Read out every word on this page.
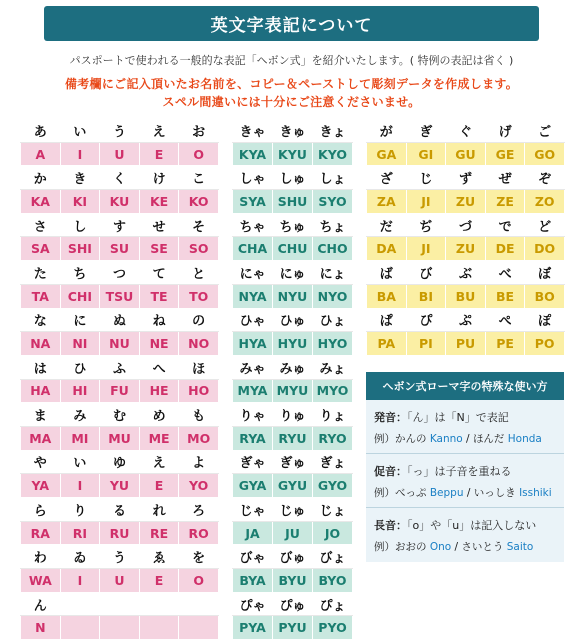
英文字表記について
パスポートで使われる一般的な表記「ヘボン式」を紹介いたします。( 特例の表記は省く )
備考欄にご記入頂いたお名前を、コピー＆ペーストして彫刻データを作成します。
スペル間違いには十分にご注意くださいませ。
あ	い	う	え	お
A	I	U	E	O
か	き	く	け	こ
KA	KI	KU	KE	KO
さ	し	す	せ	そ
SA	SHI	SU	SE	SO
た	ち	つ	て	と
TA	CHI	TSU	TE	TO
な	に	ぬ	ね	の
NA	NI	NU	NE	NO
は	ひ	ふ	へ	ほ
HA	HI	FU	HE	HO
ま	み	む	め	も
MA	MI	MU	ME	MO
や	い	ゆ	え	よ
YA	I	YU	E	YO
ら	り	る	れ	ろ
RA	RI	RU	RE	RO
わ	ゐ	う	ゑ	を
WA	I	U	E	O
ん				
N				
きゃ	きゅ	きょ
KYA	KYU	KYO
しゃ	しゅ	しょ
SYA	SHU	SYO
ちゃ	ちゅ	ちょ
CHA	CHU	CHO
にゃ	にゅ	にょ
NYA	NYU	NYO
ひゃ	ひゅ	ひょ
HYA	HYU	HYO
みゃ	みゅ	みょ
MYA	MYU	MYO
りゃ	りゅ	りょ
RYA	RYU	RYO
ぎゃ	ぎゅ	ぎょ
GYA	GYU	GYO
じゃ	じゅ	じょ
JA	JU	JO
びゃ	びゅ	びょ
BYA	BYU	BYO
ぴゃ	ぴゅ	ぴょ
PYA	PYU	PYO
が	ぎ	ぐ	げ	ご
GA	GI	GU	GE	GO
ざ	じ	ず	ぜ	ぞ
ZA	JI	ZU	ZE	ZO
だ	ぢ	づ	で	ど
DA	JI	ZU	DE	DO
ば	び	ぶ	べ	ぼ
BA	BI	BU	BE	BO
ぱ	ぴ	ぷ	ぺ	ぽ
PA	PI	PU	PE	PO
ヘボン式ローマ字の特殊な使い方
発音：「ん」は「N」で表記
例）かんの Kanno / ほんだ Honda
促音：「っ」は子音を重ねる
例）べっぷ Beppu / いっしき Isshiki
長音：「o」や「u」は記入しない
例）おおの Ono / さいとう Saito
